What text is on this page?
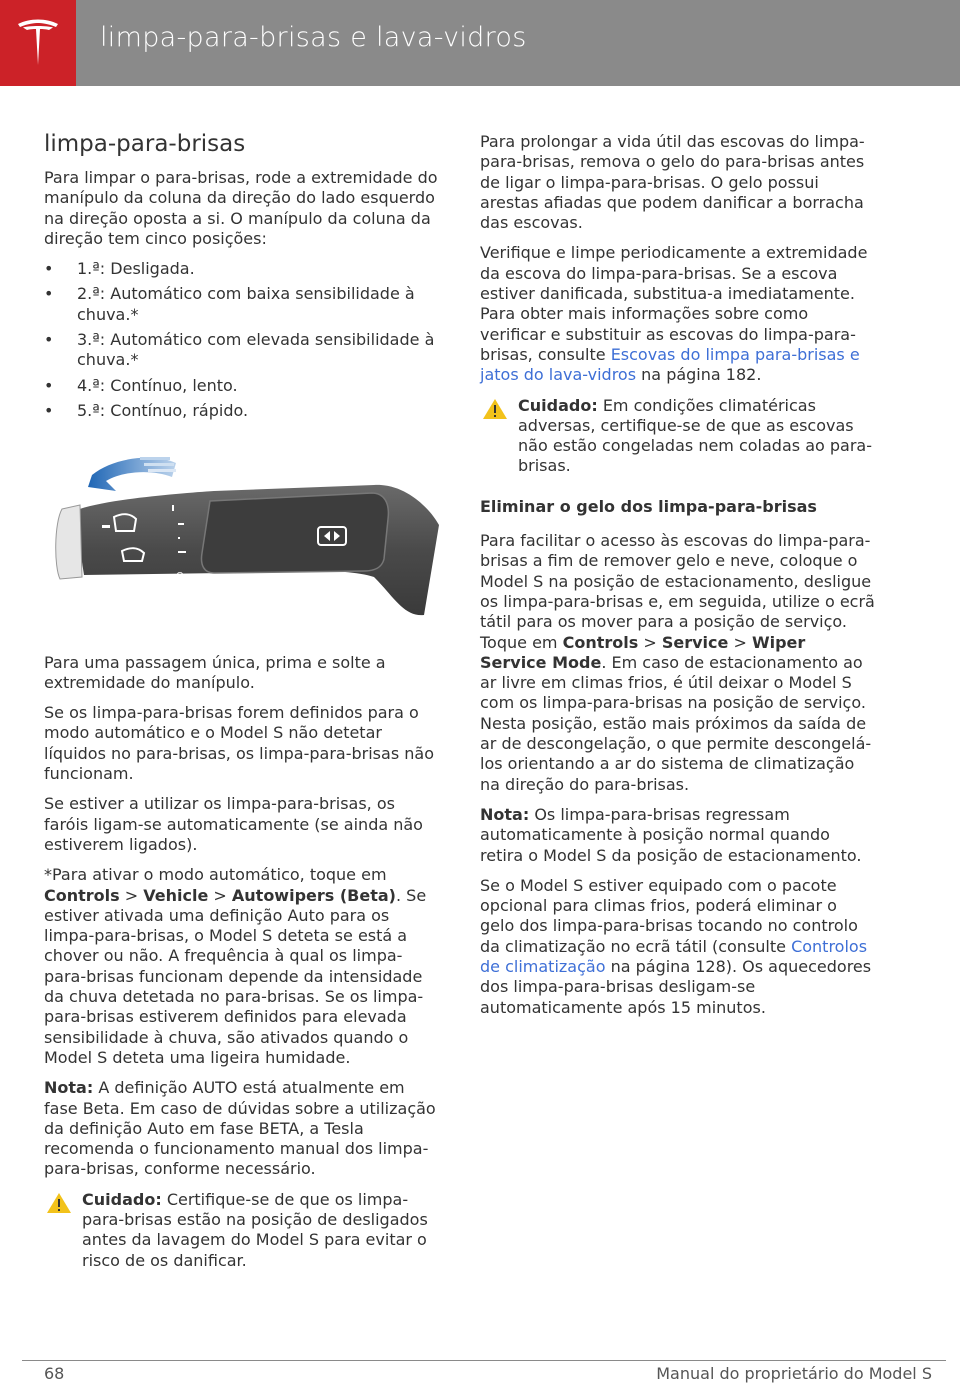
limpa-para-brisas e lava-vidros
limpa-para-brisas

Para limpar o para-brisas, rode a extremidade do manípulo da coluna da direção do lado esquerdo na direção oposta a si. O manípulo da coluna da direção tem cinco posições:

• 1.ª: Desligada.
• 2.ª: Automático com baixa sensibilidade à chuva.*
• 3.ª: Automático com elevada sensibilidade à chuva.*
• 4.ª: Contínuo, lento.
• 5.ª: Contínuo, rápido.
O

Para uma passagem única, prima e solte a extremidade do manípulo.

Se os limpa-para-brisas forem definidos para o modo automático e o Model S não detetar líquidos no para-brisas, os limpa-para-brisas não funcionam.

Se estiver a utilizar os limpa-para-brisas, os faróis ligam-se automaticamente (se ainda não estiverem ligados).

*Para ativar o modo automático, toque em Controls > Vehicle > Autowipers (Beta). Se estiver ativada uma definição Auto para os limpa-para-brisas, o Model S deteta se está a chover ou não. A frequência à qual os limpa-para-brisas funcionam depende da intensidade da chuva detetada no para-brisas. Se os limpa-para-brisas estiverem definidos para elevada sensibilidade à chuva, são ativados quando o Model S deteta uma ligeira humidade.

Nota: A definição AUTO está atualmente em fase Beta. Em caso de dúvidas sobre a utilização da definição Auto em fase BETA, a Tesla recomenda o funcionamento manual dos limpa-para-brisas, conforme necessário.

Cuidado: Certifique-se de que os limpa-para-brisas estão na posição de desligados antes da lavagem do Model S para evitar o risco de os danificar.

Para prolongar a vida útil das escovas do limpa-para-brisas, remova o gelo do para-brisas antes de ligar o limpa-para-brisas. O gelo possui arestas afiadas que podem danificar a borracha das escovas.

Verifique e limpe periodicamente a extremidade da escova do limpa-para-brisas. Se a escova estiver danificada, substitua-a imediatamente. Para obter mais informações sobre como verificar e substituir as escovas do limpa-para-brisas, consulte Escovas do limpa para-brisas e jatos do lava-vidros na página 182.

Cuidado: Em condições climatéricas adversas, certifique-se de que as escovas não estão congeladas nem coladas ao para-brisas.
Eliminar o gelo dos limpa-para-brisas

Para facilitar o acesso às escovas do limpa-para-brisas a fim de remover gelo e neve, coloque o Model S na posição de estacionamento, desligue os limpa-para-brisas e, em seguida, utilize o ecrã tátil para os mover para a posição de serviço. Toque em Controls > Service > Wiper Service Mode. Em caso de estacionamento ao ar livre em climas frios, é útil deixar o Model S com os limpa-para-brisas na posição de serviço. Nesta posição, estão mais próximos da saída de ar de descongelação, o que permite descongelá-los orientando a ar do sistema de climatização na direção do para-brisas.

Nota: Os limpa-para-brisas regressam automaticamente à posição normal quando retira o Model S da posição de estacionamento.

Se o Model S estiver equipado com o pacote opcional para climas frios, poderá eliminar o gelo dos limpa-para-brisas tocando no controlo da climatização no ecrã tátil (consulte Controlos de climatização na página 128). Os aquecedores dos limpa-para-brisas desligam-se automaticamente após 15 minutos.

68	Manual do proprietário do Model S
